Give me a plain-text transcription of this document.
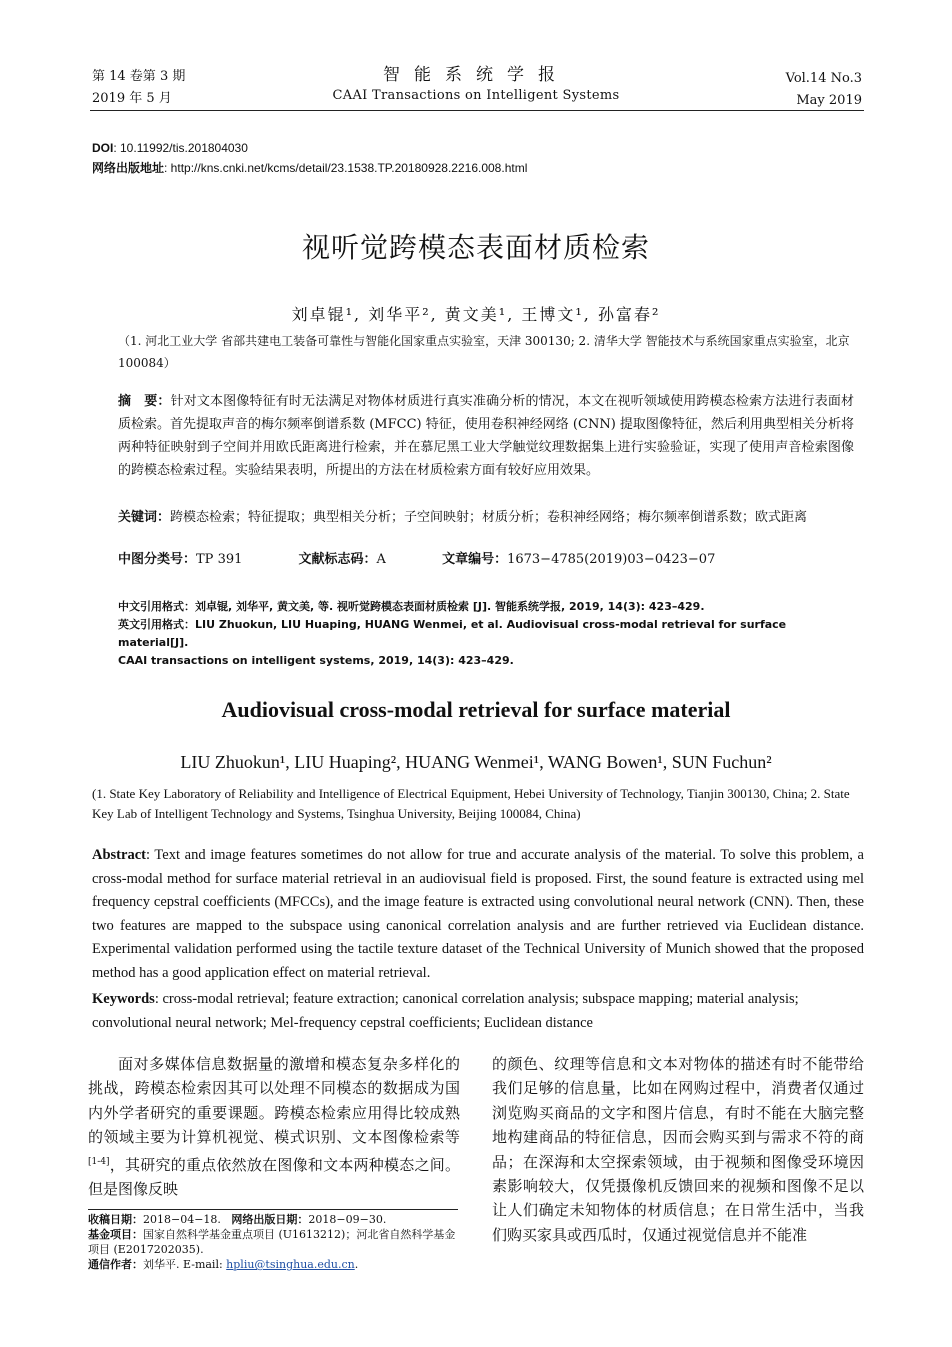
第 14 卷第 3 期
2019 年 5 月
智能系统学报
CAAI Transactions on Intelligent Systems
Vol.14 No.3
May 2019
DOI: 10.11992/tis.201804030
网络出版地址: http://kns.cnki.net/kcms/detail/23.1538.TP.20180928.2216.008.html
视听觉跨模态表面材质检索
刘卓锟¹, 刘华平², 黄文美¹, 王博文¹, 孙富春²
（1. 河北工业大学 省部共建电工装备可靠性与智能化国家重点实验室，天津 300130; 2. 清华大学 智能技术与系统国家重点实验室，北京 100084）
摘　要：针对文本图像特征有时无法满足对物体材质进行真实准确分析的情况，本文在视听领域使用跨模态检索方法进行表面材质检索。首先提取声音的梅尔频率倒谱系数 (MFCC) 特征，使用卷积神经网络 (CNN) 提取图像特征，然后利用典型相关分析将两种特征映射到子空间并用欧氏距离进行检索，并在慕尼黑工业大学触觉纹理数据集上进行实验验证，实现了使用声音检索图像的跨模态检索过程。实验结果表明，所提出的方法在材质检索方面有较好应用效果。
关键词：跨模态检索；特征提取；典型相关分析；子空间映射；材质分析；卷积神经网络；梅尔频率倒谱系数；欧式距离
中图分类号：TP 391	文献标志码：A	文章编号：1673−4785(2019)03−0423−07
中文引用格式：刘卓锟, 刘华平, 黄文美, 等. 视听觉跨模态表面材质检索 [J]. 智能系统学报, 2019, 14(3): 423–429.
英文引用格式：LIU Zhuokun, LIU Huaping, HUANG Wenmei, et al. Audiovisual cross-modal retrieval for surface material[J].
CAAI transactions on intelligent systems, 2019, 14(3): 423–429.
Audiovisual cross-modal retrieval for surface material
LIU Zhuokun¹, LIU Huaping², HUANG Wenmei¹, WANG Bowen¹, SUN Fuchun²
(1. State Key Laboratory of Reliability and Intelligence of Electrical Equipment, Hebei University of Technology, Tianjin 300130, China; 2. State Key Lab of Intelligent Technology and Systems, Tsinghua University, Beijing 100084, China)
Abstract: Text and image features sometimes do not allow for true and accurate analysis of the material. To solve this problem, a cross-modal method for surface material retrieval in an audiovisual field is proposed. First, the sound feature is extracted using mel frequency cepstral coefficients (MFCCs), and the image feature is extracted using convolutional neural network (CNN). Then, these two features are mapped to the subspace using canonical correlation analysis and are further retrieved via Euclidean distance. Experimental validation performed using the tactile texture dataset of the Technical University of Munich showed that the proposed method has a good application effect on material retrieval.
Keywords: cross-modal retrieval; feature extraction; canonical correlation analysis; subspace mapping; material analysis; convolutional neural network; Mel-frequency cepstral coefficients; Euclidean distance
面对多媒体信息数据量的激增和模态复杂多样化的挑战，跨模态检索因其可以处理不同模态的数据成为国内外学者研究的重要课题。跨模态检索应用得比较成熟的领域主要为计算机视觉、模式识别、文本图像检索等[1-4]，其研究的重点依然放在图像和文本两种模态之间。但是图像反映
的颜色、纹理等信息和文本对物体的描述有时不能带给我们足够的信息量，比如在网购过程中，消费者仅通过浏览购买商品的文字和图片信息，有时不能在大脑完整地构建商品的特征信息，因而会购买到与需求不符的商品；在深海和太空探索领域，由于视频和图像受环境因素影响较大，仅凭摄像机反馈回来的视频和图像不足以让人们确定未知物体的材质信息；在日常生活中，当我们购买家具或西瓜时，仅通过视觉信息并不能准
收稿日期：2018−04−18. 网络出版日期：2018−09−30.
基金项目：国家自然科学基金重点项目 (U1613212)；河北省自然科学基金项目 (E2017202035).
通信作者：刘华平. E-mail: hpliu@tsinghua.edu.cn.
